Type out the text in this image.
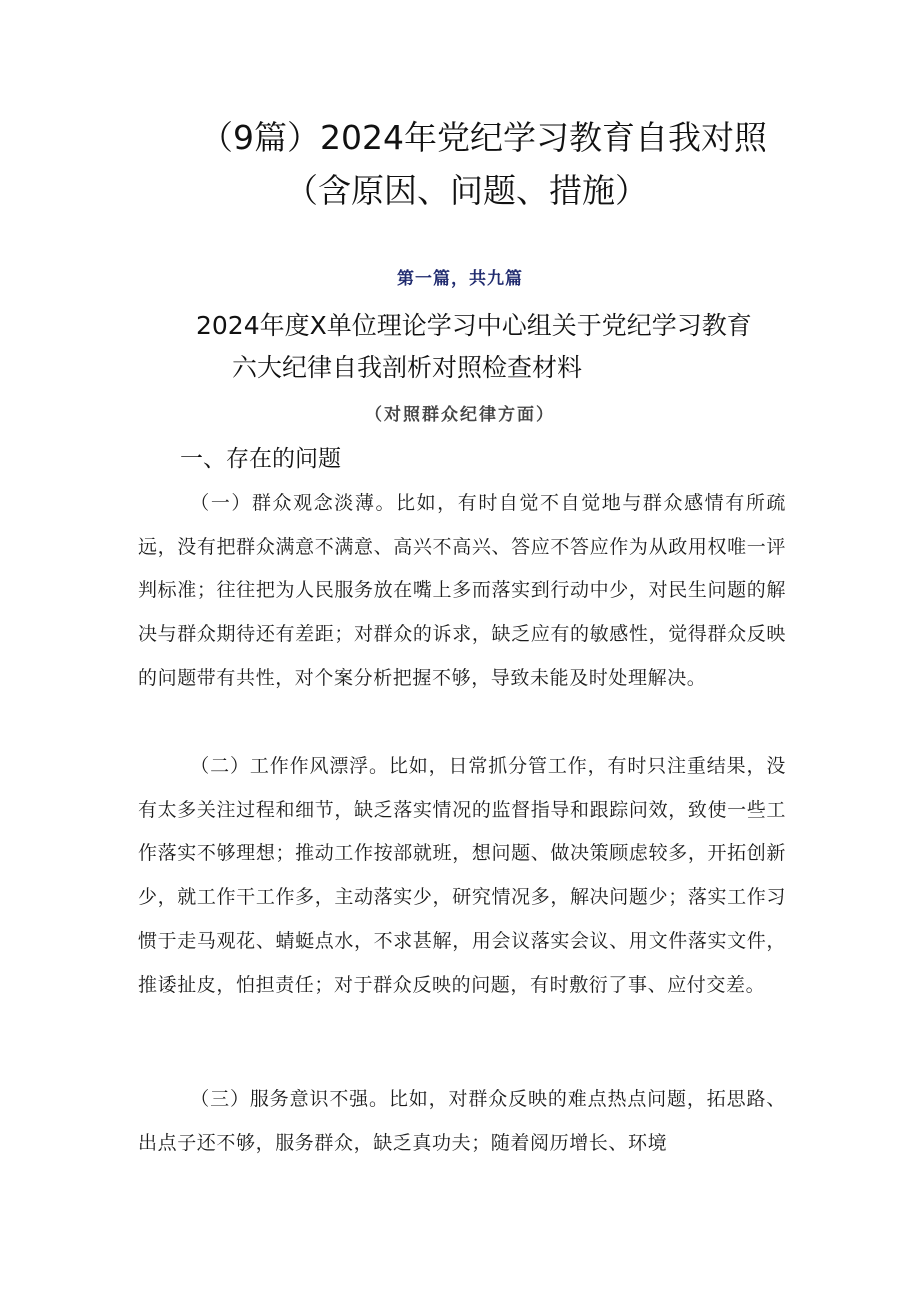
（9篇）2024年党纪学习教育自我对照
（含原因、问题、措施）
第一篇，共九篇
2024年度X单位理论学习中心组关于党纪学习教育
六大纪律自我剖析对照检查材料
（对照群众纪律方面）
一、存在的问题
（一）群众观念淡薄。比如，有时自觉不自觉地与群众感情有所疏远，没有把群众满意不满意、高兴不高兴、答应不答应作为从政用权唯一评判标准；往往把为人民服务放在嘴上多而落实到行动中少，对民生问题的解决与群众期待还有差距；对群众的诉求，缺乏应有的敏感性，觉得群众反映的问题带有共性，对个案分析把握不够，导致未能及时处理解决。
（二）工作作风漂浮。比如，日常抓分管工作，有时只注重结果，没有太多关注过程和细节，缺乏落实情况的监督指导和跟踪问效，致使一些工作落实不够理想；推动工作按部就班，想问题、做决策顾虑较多，开拓创新少，就工作干工作多，主动落实少，研究情况多，解决问题少；落实工作习惯于走马观花、蜻蜓点水，不求甚解，用会议落实会议、用文件落实文件，推诿扯皮，怕担责任；对于群众反映的问题，有时敷衍了事、应付交差。
（三）服务意识不强。比如，对群众反映的难点热点问题，拓思路、出点子还不够，服务群众，缺乏真功夫；随着阅历增长、环境
